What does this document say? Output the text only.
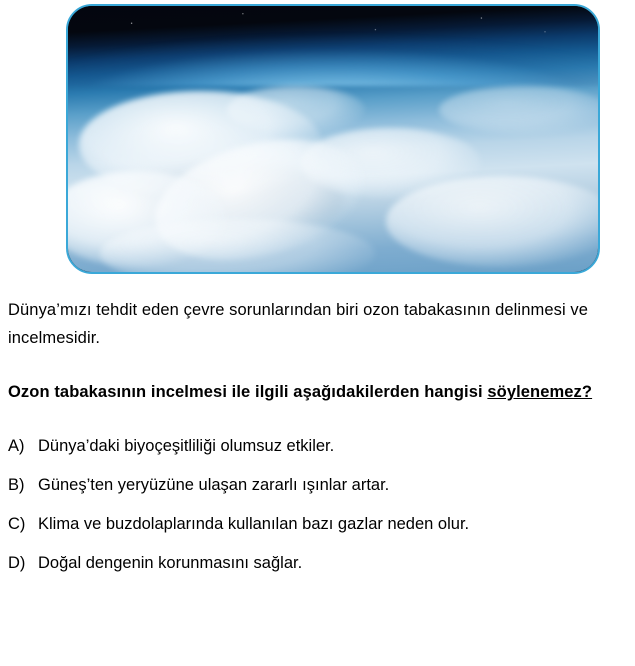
Dünya’mızı tehdit eden çevre sorunlarından biri ozon tabakasının delinmesi ve incelmesidir.

Ozon tabakasının incelmesi ile ilgili aşağıdakilerden hangisi söylenemez?

A) Dünya’daki biyoçeşitliliği olumsuz etkiler.
B) Güneş’ten yeryüzüne ulaşan zararlı ışınlar artar.
C) Klima ve buzdolaplarında kullanılan bazı gazlar neden olur.
D) Doğal dengenin korunmasını sağlar.
